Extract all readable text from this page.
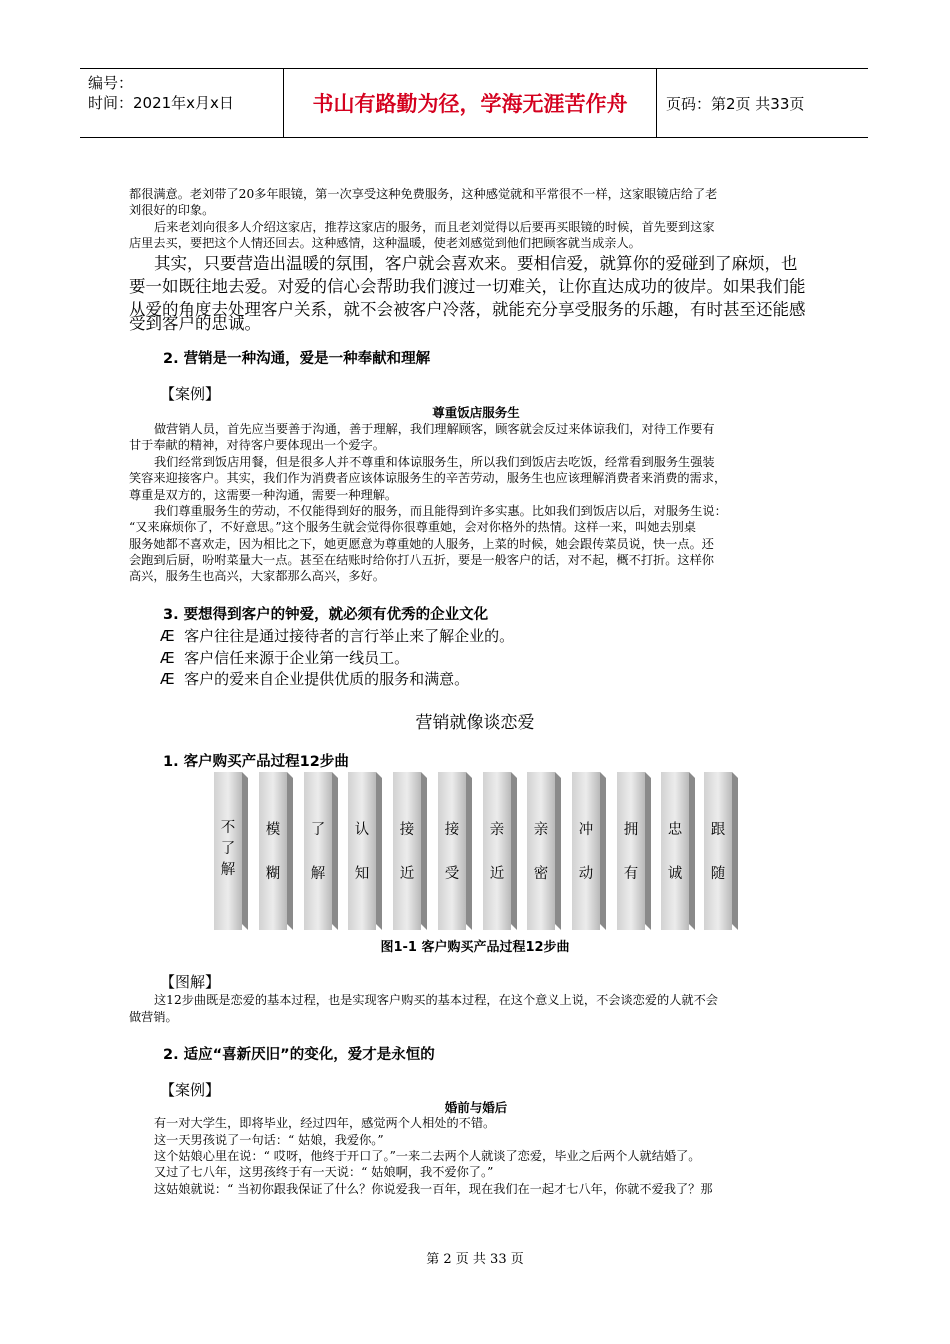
编号：
时间：2021年x月x日	书山有路勤为径，学海无涯苦作舟	页码：第2页 共33页
都很满意。老刘带了20多年眼镜，第一次享受这种免费服务，这种感觉就和平常很不一样，这家眼镜店给了老
刘很好的印象。
后来老刘向很多人介绍这家店，推荐这家店的服务，而且老刘觉得以后要再买眼镜的时候，首先要到这家
店里去买，要把这个人情还回去。这种感情，这种温暖，使老刘感觉到他们把顾客就当成亲人。
其实，只要营造出温暖的氛围，客户就会喜欢来。要相信爱，就算你的爱碰到了麻烦，也
要一如既往地去爱。对爱的信心会帮助我们渡过一切难关，让你直达成功的彼岸。如果我们能
从爱的角度去处理客户关系，就不会被客户冷落，就能充分享受服务的乐趣，有时甚至还能感
受到客户的忠诚。
2. 营销是一种沟通，爱是一种奉献和理解
【案例】
尊重饭店服务生
做营销人员，首先应当要善于沟通，善于理解，我们理解顾客，顾客就会反过来体谅我们，对待工作要有
甘于奉献的精神，对待客户要体现出一个爱字。
我们经常到饭店用餐，但是很多人并不尊重和体谅服务生，所以我们到饭店去吃饭，经常看到服务生强装
笑容来迎接客户。其实，我们作为消费者应该体谅服务生的辛苦劳动，服务生也应该理解消费者来消费的需求，
尊重是双方的，这需要一种沟通，需要一种理解。
我们尊重服务生的劳动，不仅能得到好的服务，而且能得到许多实惠。比如我们到饭店以后，对服务生说：
“又来麻烦你了，不好意思。”这个服务生就会觉得你很尊重她，会对你格外的热情。这样一来，叫她去别桌
服务她都不喜欢走，因为相比之下，她更愿意为尊重她的人服务，上菜的时候，她会跟传菜员说，快一点。还
会跑到后厨，吩咐菜量大一点。甚至在结账时给你打八五折，要是一般客户的话，对不起，概不打折。这样你
高兴，服务生也高兴，大家都那么高兴，多好。
3. 要想得到客户的钟爱，就必须有优秀的企业文化
Æ 客户往往是通过接待者的言行举止来了解企业的。
Æ 客户信任来源于企业第一线员工。
Æ 客户的爱来自企业提供优质的服务和满意。
营销就像谈恋爱
1. 客户购买产品过程12步曲
不了解
模糊
了解
认知
接近
接受
亲近
亲密
冲动
拥有
忠诚
跟随
图1-1 客户购买产品过程12步曲
【图解】
这12步曲既是恋爱的基本过程，也是实现客户购买的基本过程，在这个意义上说，不会谈恋爱的人就不会
做营销。
2. 适应“喜新厌旧”的变化，爱才是永恒的
【案例】
婚前与婚后
有一对大学生，即将毕业，经过四年，感觉两个人相处的不错。
这一天男孩说了一句话：“ 姑娘，我爱你。”
这个姑娘心里在说：“ 哎呀，他终于开口了。”一来二去两个人就谈了恋爱，毕业之后两个人就结婚了。
又过了七八年，这男孩终于有一天说：“ 姑娘啊，我不爱你了。”
这姑娘就说：“ 当初你跟我保证了什么？你说爱我一百年，现在我们在一起才七八年，你就不爱我了？那
第 2 页 共 33 页
